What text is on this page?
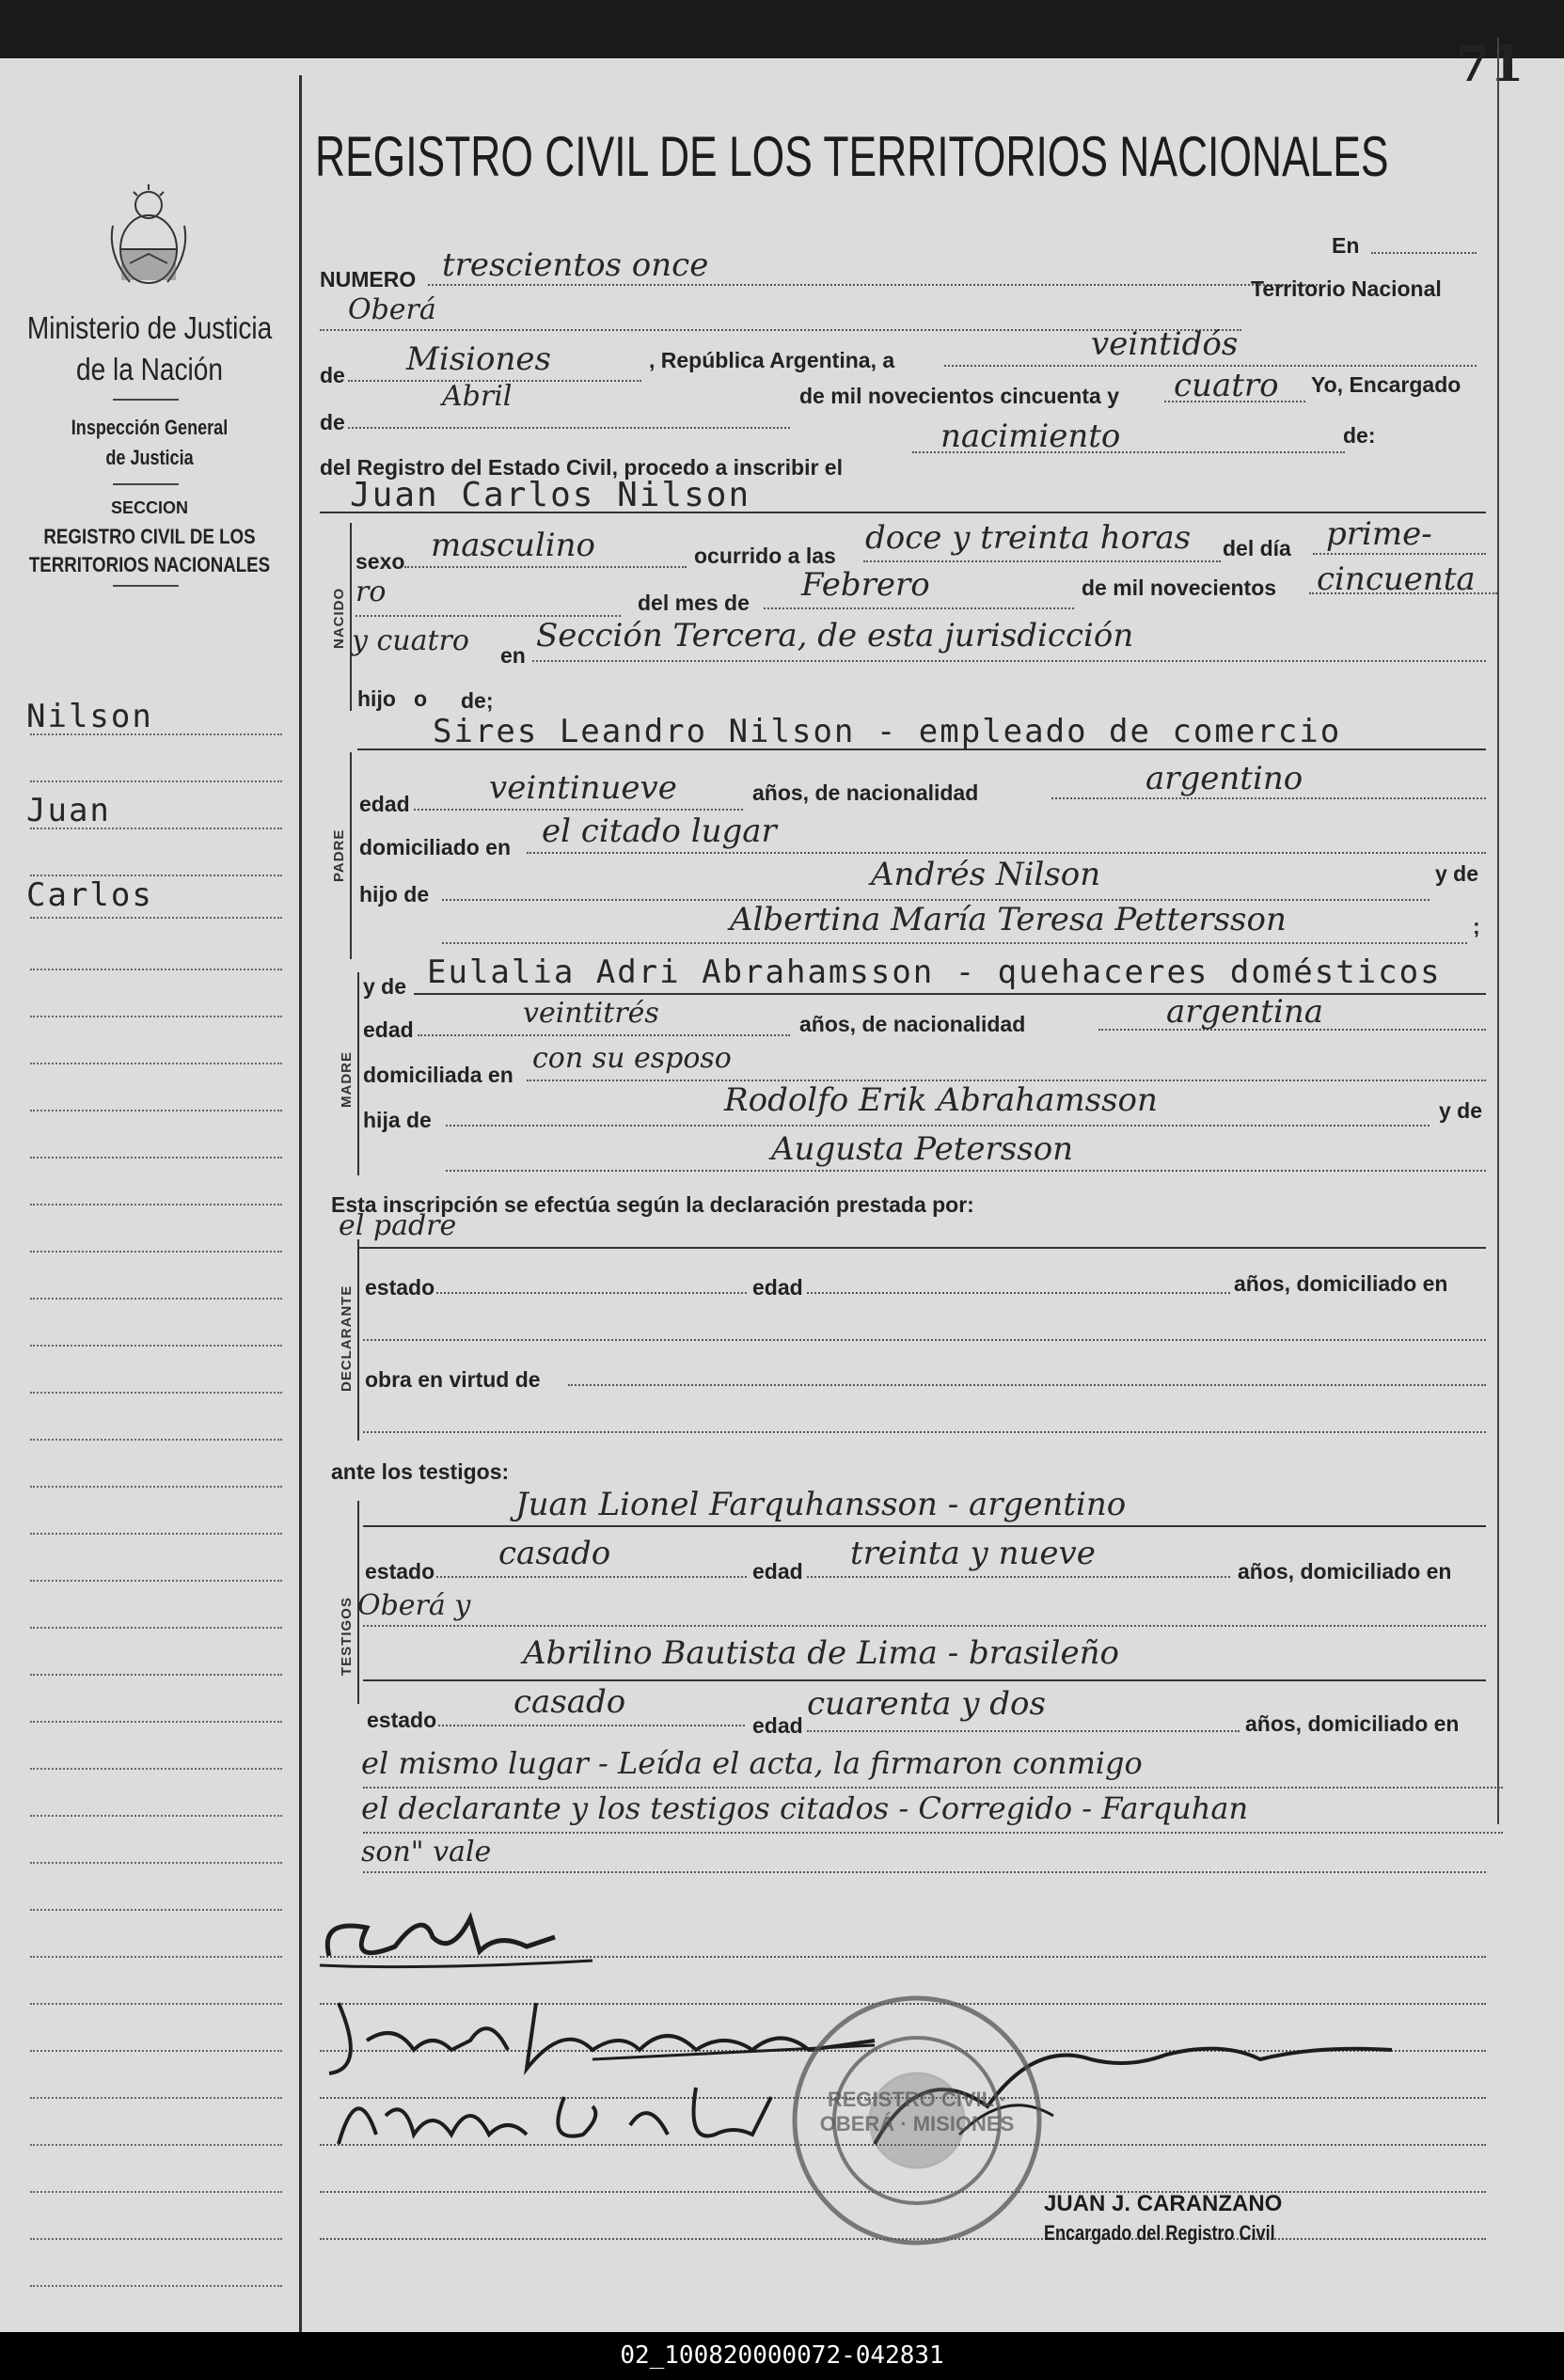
71
Ministerio de Justicia
de la Nación
Inspección General
de Justicia
SECCION
REGISTRO CIVIL DE LOS
TERRITORIOS NACIONALES
Nilson
Juan
Carlos
REGISTRO CIVIL DE LOS TERRITORIOS NACIONALES
NUMERO trescientos once
En
Oberá
Territorio Nacional
de Misiones	, República Argentina, a	veintidós
de
Abril	de mil novecientos cincuenta y cuatro Yo, Encargado
del Registro del Estado Civil, procedo a inscribir el
nacimiento	de:
Juan Carlos Nilson
NACIDO
sexo masculino	ocurrido a las doce y treinta horas del día prime-
ro	del mes de Febrero	de mil novecientos cincuenta
y cuatro en
Sección Tercera, de esta jurisdicción
hijo o de;
PADRE
Sires Leandro Nilson - empleado de comercio
edad veintinueve	años, de nacionalidad	argentino
domiciliado en el citado lugar
hijo de
Andrés Nilson	y de
Albertina María Teresa Pettersson	;
MADRE
y de Eulalia Adri Abrahamsson - quehaceres domésticos
edad	veintitrés	años, de nacionalidad	argentina
domiciliada en con su esposo
hija de
Rodolfo Erik Abrahamsson	y de
Augusta Petersson
Esta inscripción se efectúa según la declaración prestada por:
DECLARANTE
el padre
estado	edad	años, domiciliado en
obra en virtud de
ante los testigos:
TESTIGOS
Juan Lionel Farquhansson - argentino
estado casado	edad treinta y nueve	años, domiciliado en
Oberá y
Abrilino Bautista de Lima - brasileño
estado casado
edad
cuarenta y dos
años, domiciliado en
el mismo lugar - Leída el acta, la firmaron conmigo
el declarante y los testigos citados - Corregido - Farquhan
son" vale
REGISTRO CIVIL · OBERÁ · MISIONES
JUAN J. CARANZANO
Encargado del Registro Civil
02_100820000072-042831
